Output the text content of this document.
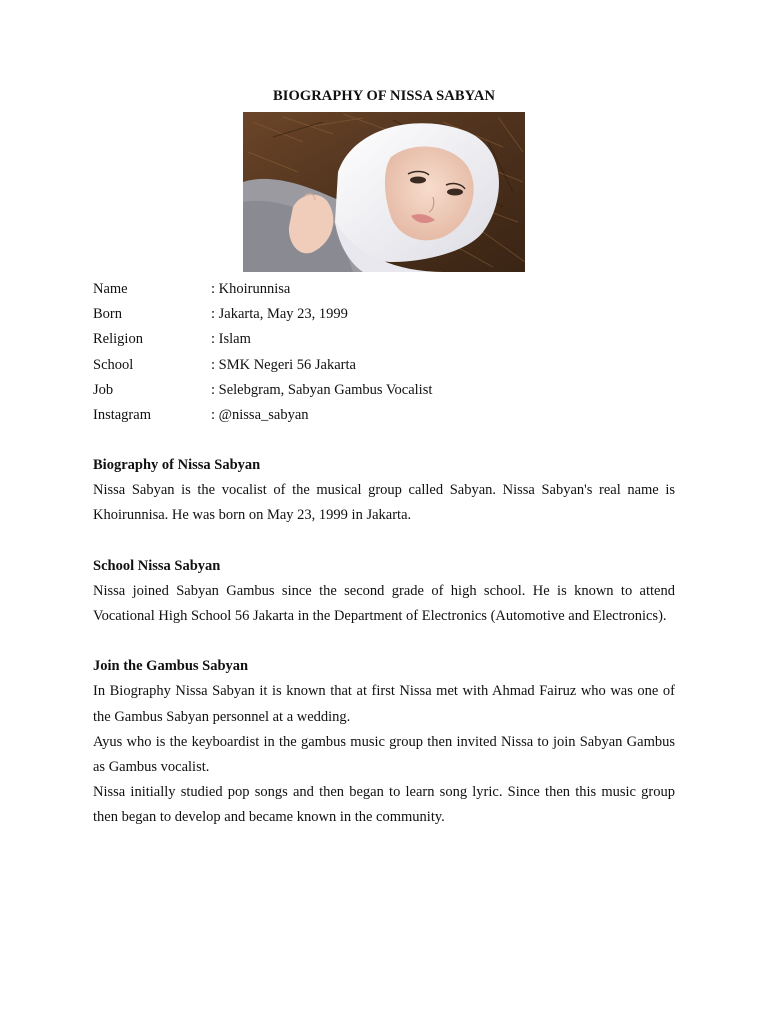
BIOGRAPHY OF NISSA SABYAN
Name	: Khoirunnisa
Born	: Jakarta, May 23, 1999
Religion	: Islam
School	: SMK Negeri 56 Jakarta
Job	: Selebgram, Sabyan Gambus Vocalist
Instagram	: @nissa_sabyan
Biography of Nissa Sabyan

Nissa Sabyan is the vocalist of the musical group called Sabyan. Nissa Sabyan's real name is Khoirunnisa. He was born on May 23, 1999 in Jakarta.

School Nissa Sabyan

Nissa joined Sabyan Gambus since the second grade of high school. He is known to attend Vocational High School 56 Jakarta in the Department of Electronics (Automotive and Electronics).

Join the Gambus Sabyan

In Biography Nissa Sabyan it is known that at first Nissa met with Ahmad Fairuz who was one of the Gambus Sabyan personnel at a wedding.

Ayus who is the keyboardist in the gambus music group then invited Nissa to join Sabyan Gambus as Gambus vocalist.

Nissa initially studied pop songs and then began to learn song lyric. Since then this music group then began to develop and became known in the community.
